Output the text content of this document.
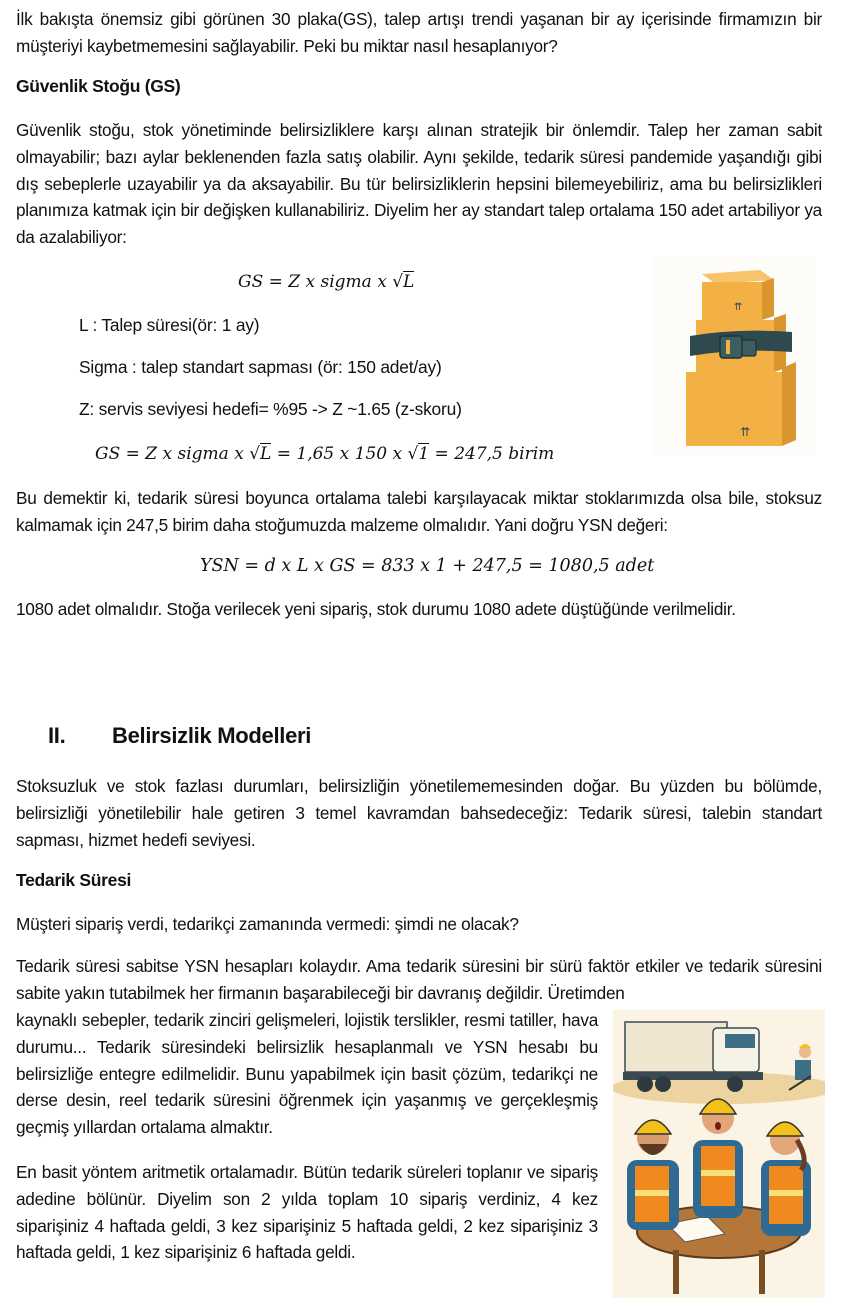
İlk bakışta önemsiz gibi görünen 30 plaka(GS), talep artışı trendi yaşanan bir ay içerisinde firmamızın bir müşteriyi kaybetmemesini sağlayabilir. Peki bu miktar nasıl hesaplanıyor?

Güvenlik Stoğu (GS)

Güvenlik stoğu, stok yönetiminde belirsizliklere karşı alınan stratejik bir önlemdir. Talep her zaman sabit olmayabilir; bazı aylar beklenenden fazla satış olabilir. Aynı şekilde, tedarik süresi pandemide yaşandığı gibi dış sebeplerle uzayabilir ya da aksayabilir. Bu tür belirsizliklerin hepsini bilemeyebiliriz, ama bu belirsizlikleri planımıza katmak için bir değişken kullanabiliriz. Diyelim her ay standart talep ortalama 150 adet artabiliyor ya da azalabiliyor:

GS = Z x sigma x √L
L : Talep süresi(ör: 1 ay)
Sigma : talep standart sapması (ör: 150 adet/ay)
Z: servis seviyesi hedefi= %95 -> Z ~1.65 (z-skoru)
GS = Z x sigma x √L = 1,65 x 150 x √1 = 247,5 birim
⇈
⇈

Bu demektir ki, tedarik süresi boyunca ortalama talebi karşılayacak miktar stoklarımızda olsa bile, stoksuz kalmamak için 247,5 birim daha stoğumuzda malzeme olmalıdır. Yani doğru YSN değeri:

YSN = d x L x GS = 833 x 1 + 247,5 = 1080,5 adet

1080 adet olmalıdır. Stoğa verilecek yeni sipariş, stok durumu 1080 adete düştüğünde verilmelidir.

II. Belirsizlik Modelleri

Stoksuzluk ve stok fazlası durumları, belirsizliğin yönetilememesinden doğar. Bu yüzden bu bölümde, belirsizliği yönetilebilir hale getiren 3 temel kavramdan bahsedeceğiz: Tedarik süresi, talebin standart sapması, hizmet hedefi seviyesi.

Tedarik Süresi

Müşteri sipariş verdi, tedarikçi zamanında vermedi: şimdi ne olacak?

Tedarik süresi sabitse YSN hesapları kolaydır. Ama tedarik süresini bir sürü faktör etkiler ve tedarik süresini sabite yakın tutabilmek her firmanın başarabileceği bir davranış değildir. Üretimden

kaynaklı sebepler, tedarik zinciri gelişmeleri, lojistik terslikler, resmi tatiller, hava durumu... Tedarik süresindeki belirsizlik hesaplanmalı ve YSN hesabı bu belirsizliğe entegre edilmelidir. Bunu yapabilmek için basit çözüm, tedarikçi ne derse desin, reel tedarik süresini öğrenmek için yaşanmış ve gerçekleşmiş geçmiş yıllardan ortalama almaktır.

En basit yöntem aritmetik ortalamadır. Bütün tedarik süreleri toplanır ve sipariş adedine bölünür. Diyelim son 2 yılda toplam 10 sipariş verdiniz, 4 kez siparişiniz 4 haftada geldi, 3 kez siparişiniz 5 haftada geldi, 2 kez siparişiniz 3 haftada geldi, 1 kez siparişiniz 6 haftada geldi.
